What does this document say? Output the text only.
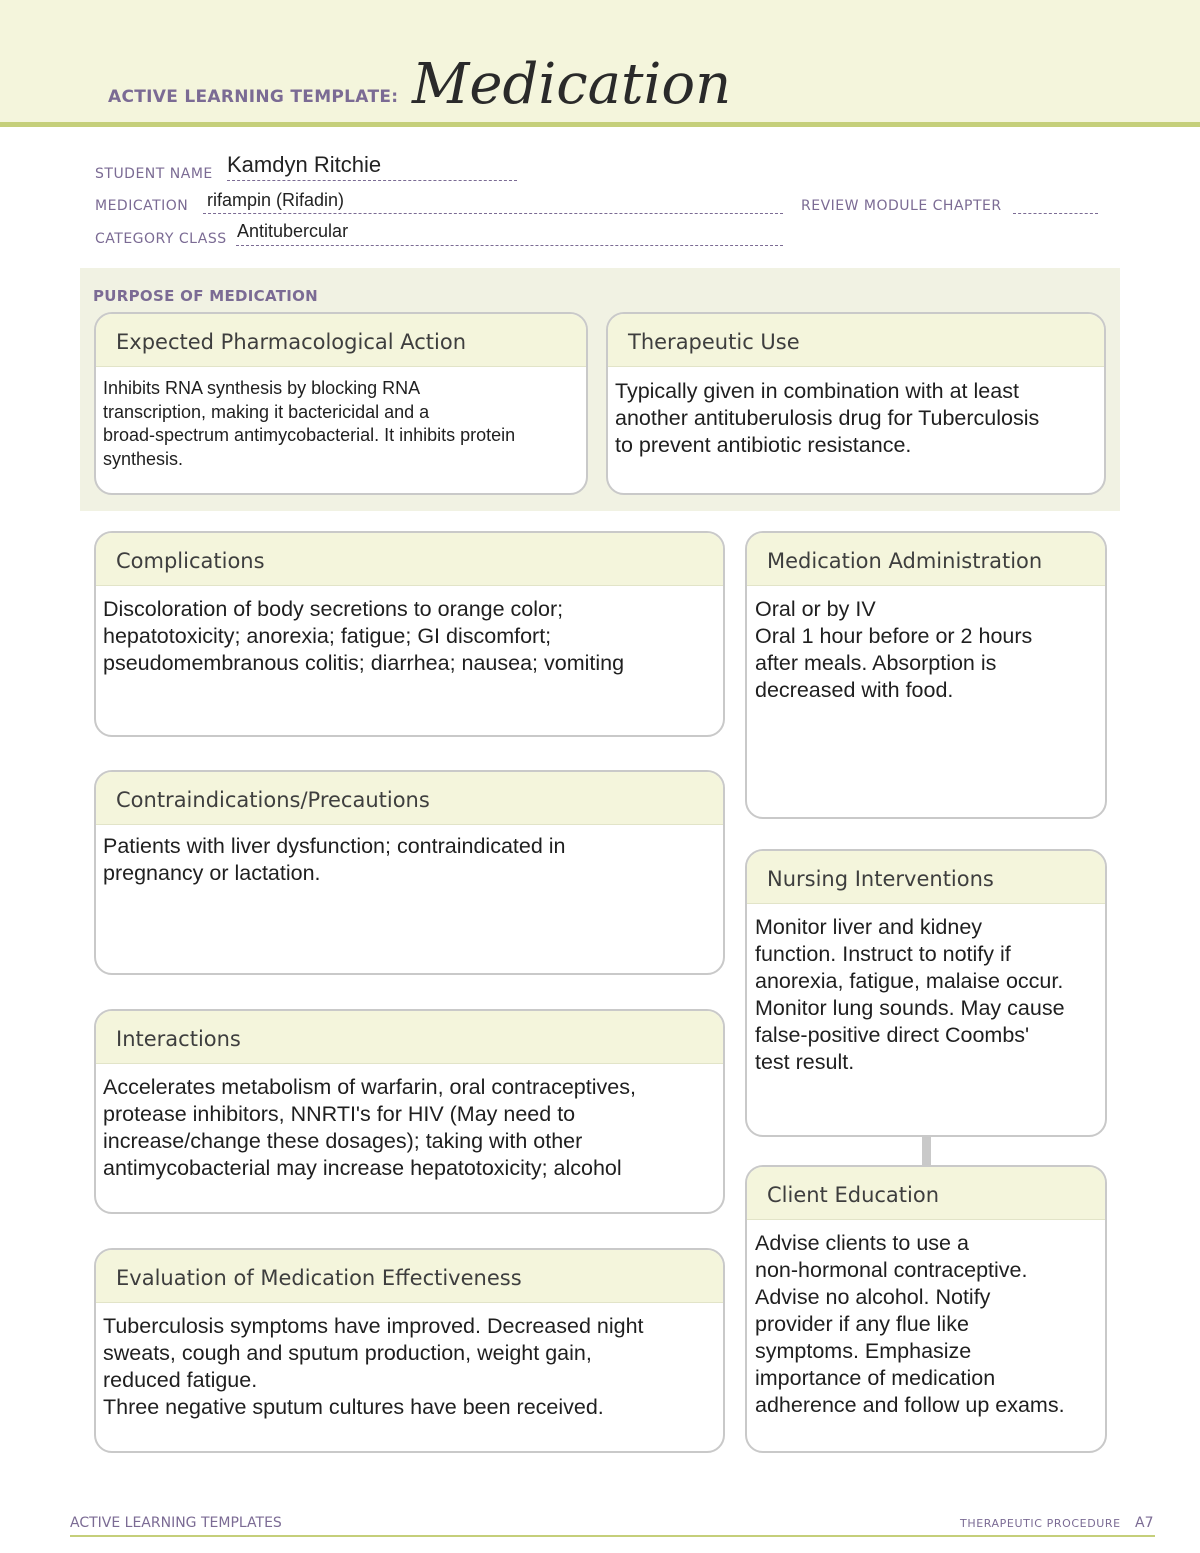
ACTIVE LEARNING TEMPLATE: Medication
STUDENT NAME Kamdyn Ritchie
MEDICATION rifampin (Rifadin)	REVIEW MODULE CHAPTER
CATEGORY CLASS Antitubercular
PURPOSE OF MEDICATION
Expected Pharmacological Action
Inhibits RNA synthesis by blocking RNA
transcription, making it bactericidal and a
broad-spectrum antimycobacterial. It inhibits protein
synthesis.
Therapeutic Use
Typically given in combination with at least
another antituberulosis drug for Tuberculosis
to prevent antibiotic resistance.
Complications
Discoloration of body secretions to orange color;
hepatotoxicity; anorexia; fatigue; GI discomfort;
pseudomembranous colitis; diarrhea; nausea; vomiting
Contraindications/Precautions
Patients with liver dysfunction; contraindicated in
pregnancy or lactation.
Interactions
Accelerates metabolism of warfarin, oral contraceptives,
protease inhibitors, NNRTI's for HIV (May need to
increase/change these dosages); taking with other
antimycobacterial may increase hepatotoxicity; alcohol
Evaluation of Medication Effectiveness
Tuberculosis symptoms have improved. Decreased night
sweats, cough and sputum production, weight gain,
reduced fatigue.
Three negative sputum cultures have been received.
Medication Administration
Oral or by IV
Oral 1 hour before or 2 hours
after meals. Absorption is
decreased with food.
Nursing Interventions
Monitor liver and kidney
function. Instruct to notify if
anorexia, fatigue, malaise occur.
Monitor lung sounds. May cause
false-positive direct Coombs'
test result.
Client Education
Advise clients to use a
non-hormonal contraceptive.
Advise no alcohol. Notify
provider if any flue like
symptoms. Emphasize
importance of medication
adherence and follow up exams.
ACTIVE LEARNING TEMPLATES	THERAPEUTIC PROCEDURE A7
